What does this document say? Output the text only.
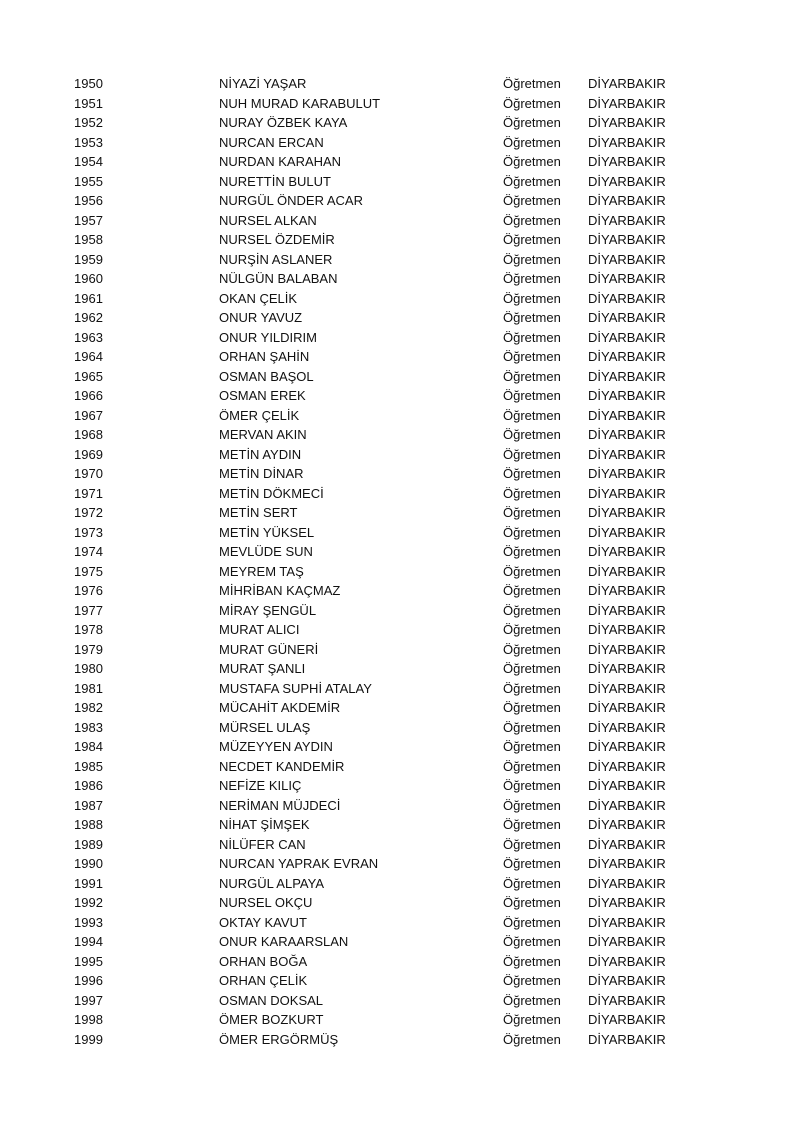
1950	NİYAZİ YAŞAR	Öğretmen DİYARBAKIR
1951	NUH MURAD KARABULUT	Öğretmen DİYARBAKIR
1952	NURAY ÖZBEK KAYA	Öğretmen DİYARBAKIR
1953	NURCAN ERCAN	Öğretmen DİYARBAKIR
1954	NURDAN KARAHAN	Öğretmen DİYARBAKIR
1955	NURETTİN BULUT	Öğretmen DİYARBAKIR
1956	NURGÜL ÖNDER ACAR	Öğretmen DİYARBAKIR
1957	NURSEL ALKAN	Öğretmen DİYARBAKIR
1958	NURSEL ÖZDEMİR	Öğretmen DİYARBAKIR
1959	NURŞİN ASLANER	Öğretmen DİYARBAKIR
1960	NÜLGÜN BALABAN	Öğretmen DİYARBAKIR
1961	OKAN ÇELİK	Öğretmen DİYARBAKIR
1962	ONUR YAVUZ	Öğretmen DİYARBAKIR
1963	ONUR YILDIRIM	Öğretmen DİYARBAKIR
1964	ORHAN ŞAHİN	Öğretmen DİYARBAKIR
1965	OSMAN BAŞOL	Öğretmen DİYARBAKIR
1966	OSMAN EREK	Öğretmen DİYARBAKIR
1967	ÖMER ÇELİK	Öğretmen DİYARBAKIR
1968	MERVAN AKIN	Öğretmen DİYARBAKIR
1969	METİN AYDIN	Öğretmen DİYARBAKIR
1970	METİN DİNAR	Öğretmen DİYARBAKIR
1971	METİN DÖKMECİ	Öğretmen DİYARBAKIR
1972	METİN SERT	Öğretmen DİYARBAKIR
1973	METİN YÜKSEL	Öğretmen DİYARBAKIR
1974	MEVLÜDE SUN	Öğretmen DİYARBAKIR
1975	MEYREM TAŞ	Öğretmen DİYARBAKIR
1976	MİHRİBAN KAÇMAZ	Öğretmen DİYARBAKIR
1977	MİRAY ŞENGÜL	Öğretmen DİYARBAKIR
1978	MURAT ALICI	Öğretmen DİYARBAKIR
1979	MURAT GÜNERİ	Öğretmen DİYARBAKIR
1980	MURAT ŞANLI	Öğretmen DİYARBAKIR
1981	MUSTAFA SUPHİ ATALAY	Öğretmen DİYARBAKIR
1982	MÜCAHİT AKDEMİR	Öğretmen DİYARBAKIR
1983	MÜRSEL ULAŞ	Öğretmen DİYARBAKIR
1984	MÜZEYYEN AYDIN	Öğretmen DİYARBAKIR
1985	NECDET KANDEMİR	Öğretmen DİYARBAKIR
1986	NEFİZE KILIÇ	Öğretmen DİYARBAKIR
1987	NERİMAN MÜJDECİ	Öğretmen DİYARBAKIR
1988	NİHAT ŞİMŞEK	Öğretmen DİYARBAKIR
1989	NİLÜFER CAN	Öğretmen DİYARBAKIR
1990	NURCAN YAPRAK EVRAN	Öğretmen DİYARBAKIR
1991	NURGÜL ALPAYA	Öğretmen DİYARBAKIR
1992	NURSEL OKÇU	Öğretmen DİYARBAKIR
1993	OKTAY KAVUT	Öğretmen DİYARBAKIR
1994	ONUR KARAARSLAN	Öğretmen DİYARBAKIR
1995	ORHAN BOĞA	Öğretmen DİYARBAKIR
1996	ORHAN ÇELİK	Öğretmen DİYARBAKIR
1997	OSMAN DOKSAL	Öğretmen DİYARBAKIR
1998	ÖMER BOZKURT	Öğretmen DİYARBAKIR
1999	ÖMER ERGÖRMÜŞ	Öğretmen DİYARBAKIR
